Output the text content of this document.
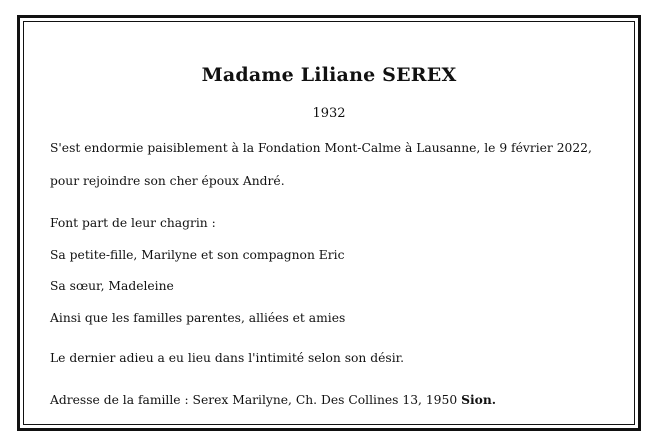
Madame Liliane SEREX
1932
S'est endormie paisiblement à la Fondation Mont-Calme à Lausanne, le 9 février 2022,
pour rejoindre son cher époux André.
Font part de leur chagrin :
Sa petite-fille, Marilyne et son compagnon Eric
Sa sœur, Madeleine
Ainsi que les familles parentes, alliées et amies
Le dernier adieu a eu lieu dans l'intimité selon son désir.
Adresse de la famille : Serex Marilyne, Ch. Des Collines 13, 1950 Sion.
